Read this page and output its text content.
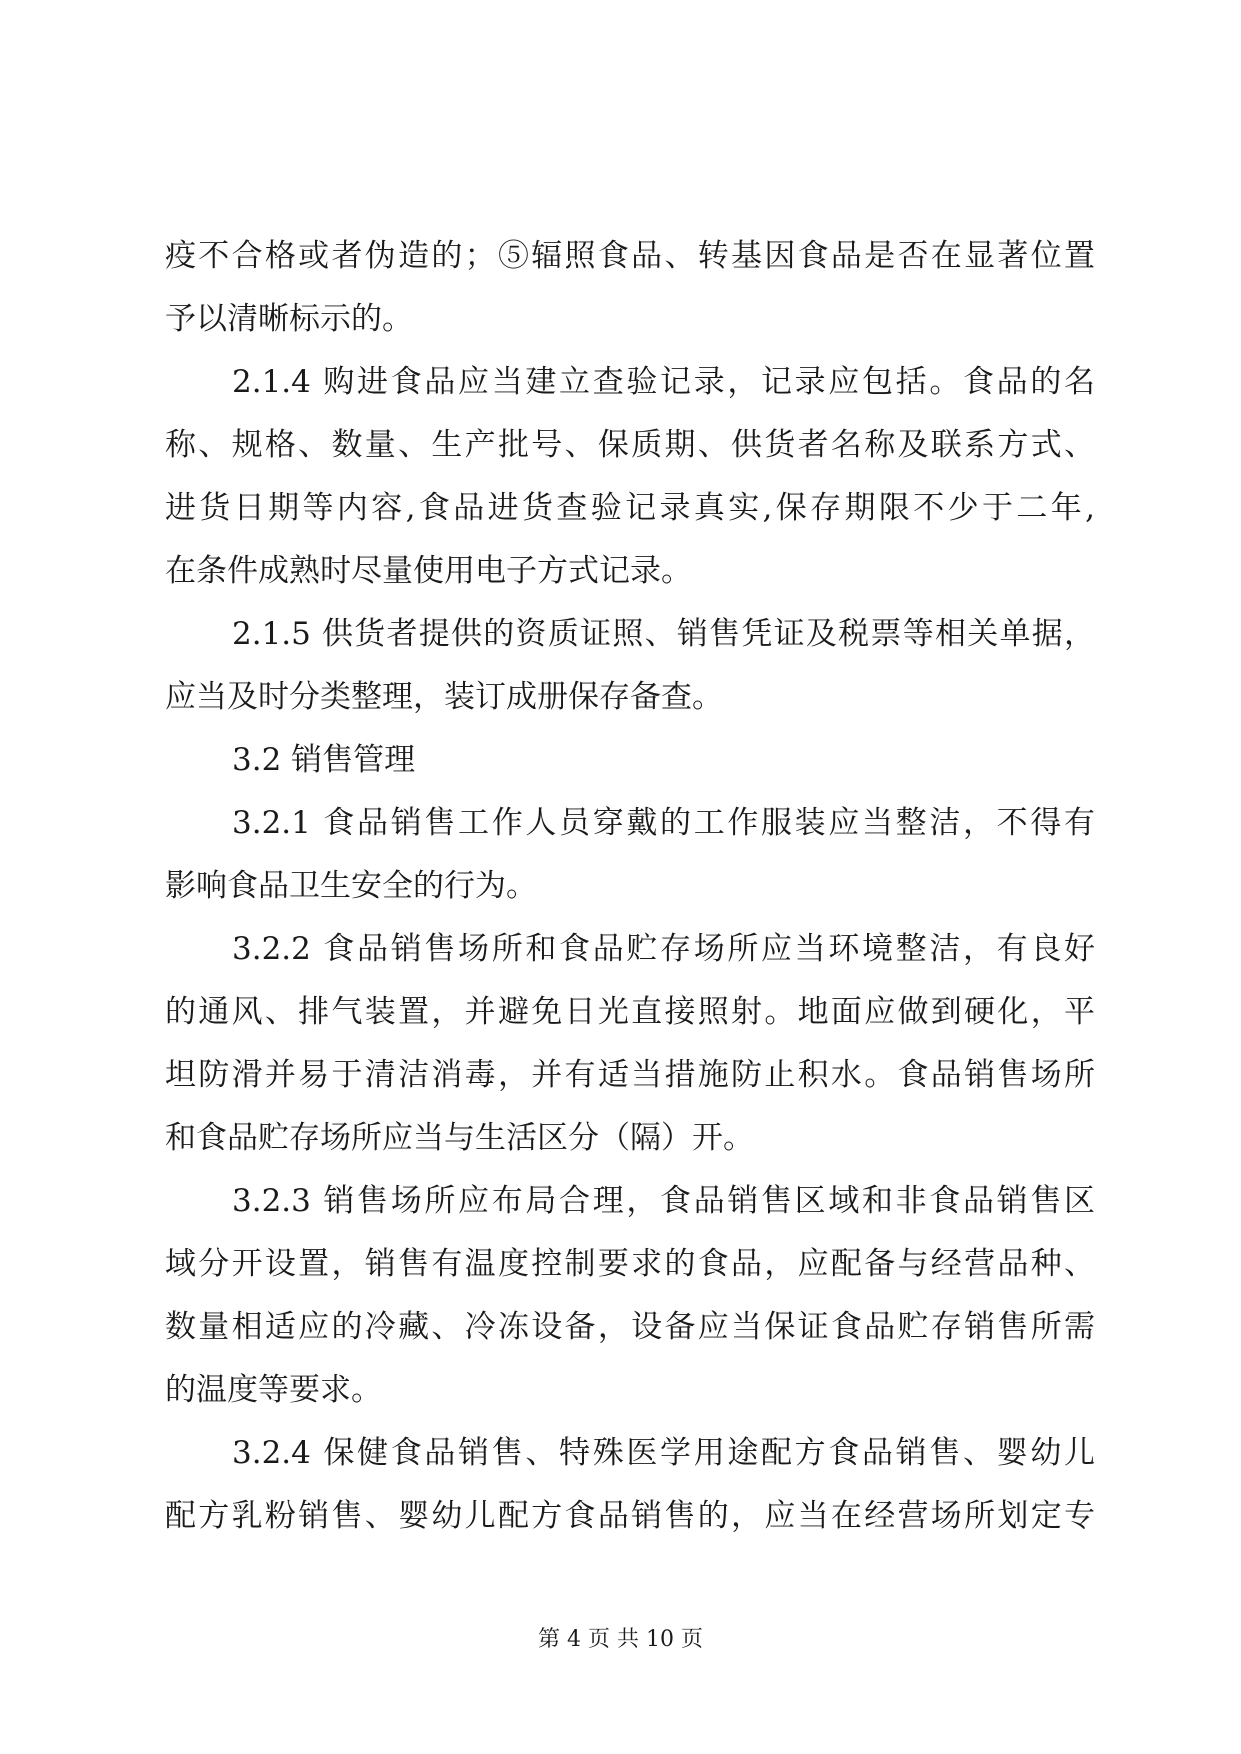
疫不合格或者伪造的；⑤辐照食品、转基因食品是否在显著位置
予以清晰标示的。
2.1.4 购进食品应当建立查验记录，记录应包括。食品的名
称、规格、数量、生产批号、保质期、供货者名称及联系方式、
进货日期等内容,食品进货查验记录真实,保存期限不少于二年,
在条件成熟时尽量使用电子方式记录。
2.1.5 供货者提供的资质证照、销售凭证及税票等相关单据，
应当及时分类整理，装订成册保存备查。
3.2 销售管理
3.2.1 食品销售工作人员穿戴的工作服装应当整洁，不得有
影响食品卫生安全的行为。
3.2.2 食品销售场所和食品贮存场所应当环境整洁，有良好
的通风、排气装置，并避免日光直接照射。地面应做到硬化，平
坦防滑并易于清洁消毒，并有适当措施防止积水。食品销售场所
和食品贮存场所应当与生活区分（隔）开。
3.2.3 销售场所应布局合理，食品销售区域和非食品销售区
域分开设置，销售有温度控制要求的食品，应配备与经营品种、
数量相适应的冷藏、冷冻设备，设备应当保证食品贮存销售所需
的温度等要求。
3.2.4 保健食品销售、特殊医学用途配方食品销售、婴幼儿
配方乳粉销售、婴幼儿配方食品销售的，应当在经营场所划定专
第 4 页 共 10 页
